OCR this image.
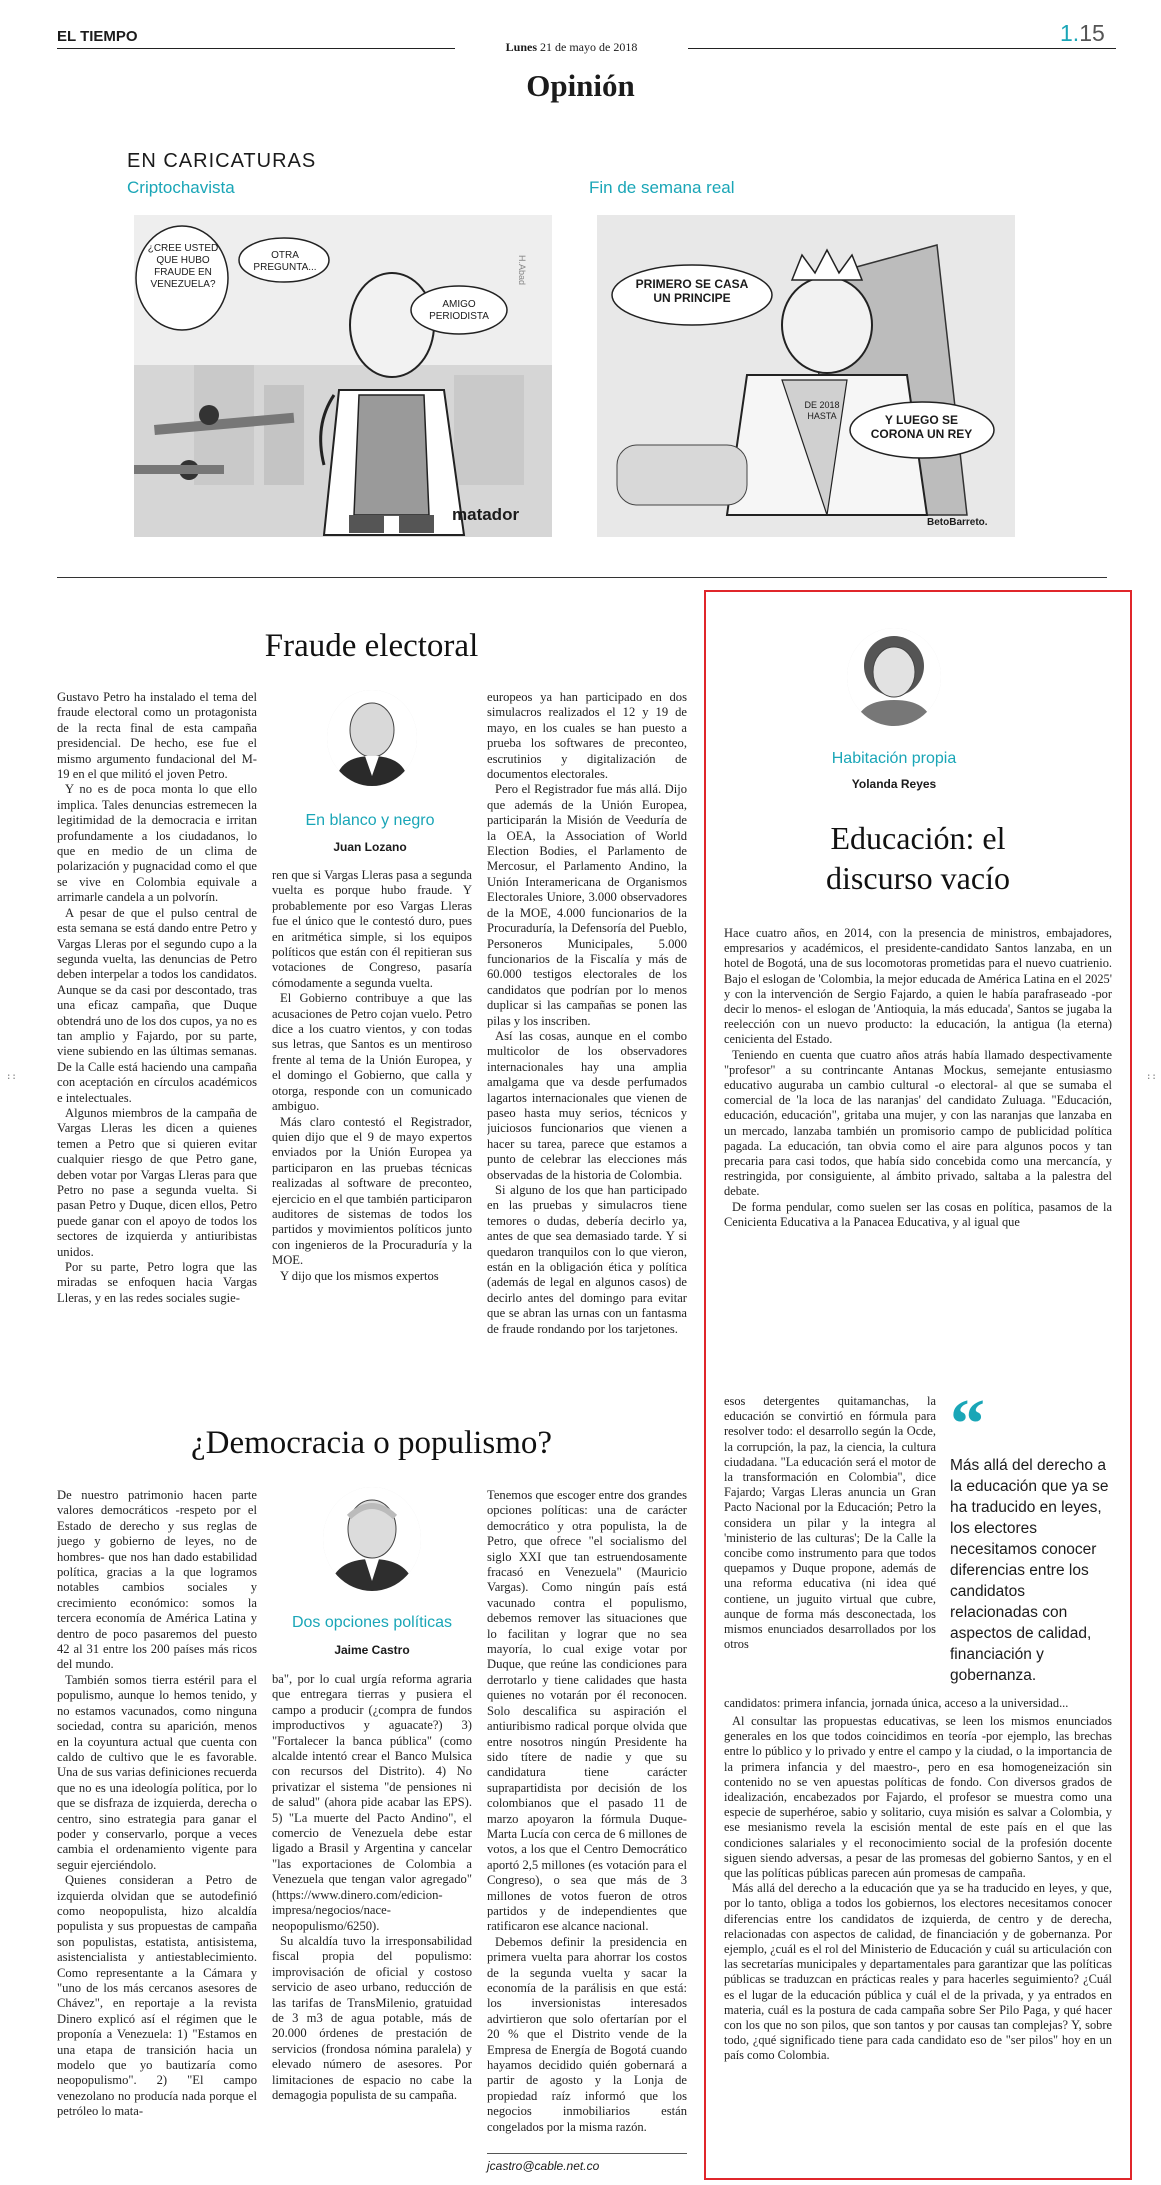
EL TIEMPO
Lunes 21 de mayo de 2018
1.15
Opinión
EN CARICATURAS
Criptochavista	Fin de semana real
H.Abad
¿CREE USTED QUE HUBO FRAUDE EN VENEZUELA?
OTRA PREGUNTA...
AMIGO PERIODISTA
matador
PRIMERO SE CASA UN PRINCIPE
Y LUEGO SE CORONA UN REY
DE 2018 HASTA
BetoBarreto.
Fraude electoral

Gustavo Petro ha instalado el tema del fraude electoral como un protagonista de la recta final de esta campaña presidencial. De hecho, ese fue el mismo argumento fundacional del M-19 en el que militó el joven Petro.

Y no es de poca monta lo que ello implica. Tales denuncias estremecen la legitimidad de la democracia e irritan profundamente a los ciudadanos, lo que en medio de un clima de polarización y pugnacidad como el que se vive en Colombia equivale a arrimarle candela a un polvorín.

A pesar de que el pulso central de esta semana se está dando entre Petro y Vargas Lleras por el segundo cupo a la segunda vuelta, las denuncias de Petro deben interpelar a todos los candidatos. Aunque se da casi por descontado, tras una eficaz campaña, que Duque obtendrá uno de los dos cupos, ya no es tan amplio y Fajardo, por su parte, viene subiendo en las últimas semanas. De la Calle está haciendo una campaña con aceptación en círculos académicos e intelectuales.

Algunos miembros de la campaña de Vargas Lleras les dicen a quienes temen a Petro que si quieren evitar cualquier riesgo de que Petro gane, deben votar por Vargas Lleras para que Petro no pase a segunda vuelta. Si pasan Petro y Duque, dicen ellos, Petro puede ganar con el apoyo de todos los sectores de izquierda y antiuribistas unidos.

Por su parte, Petro logra que las miradas se enfoquen hacia Vargas Lleras, y en las redes sociales sugie-

En blanco y negro
Juan Lozano

ren que si Vargas Lleras pasa a segunda vuelta es porque hubo fraude. Y probablemente por eso Vargas Lleras fue el único que le contestó duro, pues en aritmética simple, si los equipos políticos que están con él repitieran sus votaciones de Congreso, pasaría cómodamente a segunda vuelta.

El Gobierno contribuye a que las acusaciones de Petro cojan vuelo. Petro dice a los cuatro vientos, y con todas sus letras, que Santos es un mentiroso frente al tema de la Unión Europea, y el domingo el Gobierno, que calla y otorga, responde con un comunicado ambiguo.

Más claro contestó el Registrador, quien dijo que el 9 de mayo expertos enviados por la Unión Europea ya participaron en las pruebas técnicas realizadas al software de preconteo, ejercicio en el que también participaron auditores de sistemas de todos los partidos y movimientos políticos junto con ingenieros de la Procuraduría y la MOE.

Y dijo que los mismos expertos

europeos ya han participado en dos simulacros realizados el 12 y 19 de mayo, en los cuales se han puesto a prueba los softwares de preconteo, escrutinios y digitalización de documentos electorales.

Pero el Registrador fue más allá. Dijo que además de la Unión Europea, participarán la Misión de Veeduría de la OEA, la Association of World Election Bodies, el Parlamento de Mercosur, el Parlamento Andino, la Unión Interamericana de Organismos Electorales Uniore, 3.000 observadores de la MOE, 4.000 funcionarios de la Procuraduría, la Defensoría del Pueblo, Personeros Municipales, 5.000 funcionarios de la Fiscalía y más de 60.000 testigos electorales de los candidatos que podrían por lo menos duplicar si las campañas se ponen las pilas y los inscriben.

Así las cosas, aunque en el combo multicolor de los observadores internacionales hay una amplia amalgama que va desde perfumados lagartos internacionales que vienen de paseo hasta muy serios, técnicos y juiciosos funcionarios que vienen a hacer su tarea, parece que estamos a punto de celebrar las elecciones más observadas de la historia de Colombia.

Si alguno de los que han participado en las pruebas y simulacros tiene temores o dudas, debería decirlo ya, antes de que sea demasiado tarde. Y si quedaron tranquilos con lo que vieron, están en la obligación ética y política (además de legal en algunos casos) de decirlo antes del domingo para evitar que se abran las urnas con un fantasma de fraude rondando por los tarjetones.

¿Democracia o populismo?

De nuestro patrimonio hacen parte valores democráticos -respeto por el Estado de derecho y sus reglas de juego y gobierno de leyes, no de hombres- que nos han dado estabilidad política, gracias a la que logramos notables cambios sociales y crecimiento económico: somos la tercera economía de América Latina y dentro de poco pasaremos del puesto 42 al 31 entre los 200 países más ricos del mundo.

También somos tierra estéril para el populismo, aunque lo hemos tenido, y no estamos vacunados, como ninguna sociedad, contra su aparición, menos en la coyuntura actual que cuenta con caldo de cultivo que le es favorable. Una de sus varias definiciones recuerda que no es una ideología política, por lo que se disfraza de izquierda, derecha o centro, sino estrategia para ganar el poder y conservarlo, porque a veces cambia el ordenamiento vigente para seguir ejerciéndolo.

Quienes consideran a Petro de izquierda olvidan que se autodefinió como neopopulista, hizo alcaldía populista y sus propuestas de campaña son populistas, estatista, antisistema, asistencialista y antiestablecimiento. Como representante a la Cámara y "uno de los más cercanos asesores de Chávez", en reportaje a la revista Dinero explicó así el régimen que le proponía a Venezuela: 1) "Estamos en una etapa de transición hacia un modelo que yo bautizaría como neopopulismo". 2) "El campo venezolano no producía nada porque el petróleo lo mata-

Dos opciones políticas
Jaime Castro

ba", por lo cual urgía reforma agraria que entregara tierras y pusiera el campo a producir (¿compra de fundos improductivos y aguacate?) 3) "Fortalecer la banca pública" (como alcalde intentó crear el Banco Mulsica con recursos del Distrito). 4) No privatizar el sistema "de pensiones ni de salud" (ahora pide acabar las EPS). 5) "La muerte del Pacto Andino", el comercio de Venezuela debe estar ligado a Brasil y Argentina y cancelar "las exportaciones de Colombia a Venezuela que tengan valor agregado" (https://www.dinero.com/edicion-impresa/negocios/nace-neopopulismo/6250).

Su alcaldía tuvo la irresponsabilidad fiscal propia del populismo: improvisación de oficial y costoso servicio de aseo urbano, reducción de las tarifas de TransMilenio, gratuidad de 3 m3 de agua potable, más de 20.000 órdenes de prestación de servicios (frondosa nómina paralela) y elevado número de asesores. Por limitaciones de espacio no cabe la demagogia populista de su campaña.

Tenemos que escoger entre dos grandes opciones políticas: una de carácter democrático y otra populista, la de Petro, que ofrece "el socialismo del siglo XXI que tan estruendosamente fracasó en Venezuela" (Mauricio Vargas). Como ningún país está vacunado contra el populismo, debemos remover las situaciones que lo facilitan y lograr que no sea mayoría, lo cual exige votar por Duque, que reúne las condiciones para derrotarlo y tiene calidades que hasta quienes no votarán por él reconocen. Solo descalifica su aspiración el antiuribismo radical porque olvida que entre nosotros ningún Presidente ha sido títere de nadie y que su candidatura tiene carácter suprapartidista por decisión de los colombianos que el pasado 11 de marzo apoyaron la fórmula Duque-Marta Lucía con cerca de 6 millones de votos, a los que el Centro Democrático aportó 2,5 millones (es votación para el Congreso), o sea que más de 3 millones de votos fueron de otros partidos y de independientes que ratificaron ese alcance nacional.

Debemos definir la presidencia en primera vuelta para ahorrar los costos de la segunda vuelta y sacar la economía de la parálisis en que está: los inversionistas interesados advirtieron que solo ofertarían por el 20 % que el Distrito vende de la Empresa de Energía de Bogotá cuando hayamos decidido quién gobernará a partir de agosto y la Lonja de propiedad raíz informó que los negocios inmobiliarios están congelados por la misma razón.

jcastro@cable.net.co
Habitación propia
Yolanda Reyes
Educación: el
discurso vacío

Hace cuatro años, en 2014, con la presencia de ministros, embajadores, empresarios y académicos, el presidente-candidato Santos lanzaba, en un hotel de Bogotá, una de sus locomotoras prometidas para el nuevo cuatrienio. Bajo el eslogan de 'Colombia, la mejor educada de América Latina en el 2025' y con la intervención de Sergio Fajardo, a quien le había parafraseado -por decir lo menos- el eslogan de 'Antioquia, la más educada', Santos se jugaba la reelección con un nuevo producto: la educación, la antigua (la eterna) cenicienta del Estado.

Teniendo en cuenta que cuatro años atrás había llamado despectivamente "profesor" a su contrincante Antanas Mockus, semejante entusiasmo educativo auguraba un cambio cultural -o electoral- al que se sumaba el comercial de 'la loca de las naranjas' del candidato Zuluaga. "Educación, educación, educación", gritaba una mujer, y con las naranjas que lanzaba en un mercado, lanzaba también un promisorio campo de publicidad política pagada. La educación, tan obvia como el aire para algunos pocos y tan precaria para casi todos, que había sido concebida como una mercancía, y restringida, por consiguiente, al ámbito privado, saltaba a la palestra del debate.

De forma pendular, como suelen ser las cosas en política, pasamos de la Cenicienta Educativa a la Panacea Educativa, y al igual que

esos detergentes quitamanchas, la educación se convirtió en fórmula para resolver todo: el desarrollo según la Ocde, la corrupción, la paz, la ciencia, la cultura ciudadana. "La educación será el motor de la transformación en Colombia", dice Fajardo; Vargas Lleras anuncia un Gran Pacto Nacional por la Educación; Petro la considera un pilar y la integra al 'ministerio de las culturas'; De la Calle la concibe como instrumento para que todos quepamos y Duque propone, además de una reforma educativa (ni idea qué contiene, un juguito virtual que cubre, aunque de forma más desconectada, los mismos enunciados desarrollados por los otros

“
Más allá del derecho a la educación que ya se ha traducido en leyes, los electores necesitamos conocer diferencias entre los candidatos relacionadas con aspectos de calidad, financiación y gobernanza.

candidatos: primera infancia, jornada única, acceso a la universidad...

Al consultar las propuestas educativas, se leen los mismos enunciados generales en los que todos coincidimos en teoría -por ejemplo, las brechas entre lo público y lo privado y entre el campo y la ciudad, o la importancia de la primera infancia y del maestro-, pero en esa homogeneización sin contenido no se ven apuestas políticas de fondo. Con diversos grados de idealización, encabezados por Fajardo, el profesor se muestra como una especie de superhéroe, sabio y solitario, cuya misión es salvar a Colombia, y ese mesianismo revela la escisión mental de este país en el que las condiciones salariales y el reconocimiento social de la profesión docente siguen siendo adversas, a pesar de las promesas del gobierno Santos, y en el que las políticas públicas parecen aún promesas de campaña.

Más allá del derecho a la educación que ya se ha traducido en leyes, y que, por lo tanto, obliga a todos los gobiernos, los electores necesitamos conocer diferencias entre los candidatos de izquierda, de centro y de derecha, relacionadas con aspectos de calidad, de financiación y de gobernanza. Por ejemplo, ¿cuál es el rol del Ministerio de Educación y cuál su articulación con las secretarías municipales y departamentales para garantizar que las políticas públicas se traduzcan en prácticas reales y para hacerles seguimiento? ¿Cuál es el lugar de la educación pública y cuál el de la privada, y ya entrados en materia, cuál es la postura de cada campaña sobre Ser Pilo Paga, y qué hacer con los que no son pilos, que son tantos y por causas tan complejas? Y, sobre todo, ¿qué significado tiene para cada candidato eso de "ser pilos" hoy en un país como Colombia.

::	::
